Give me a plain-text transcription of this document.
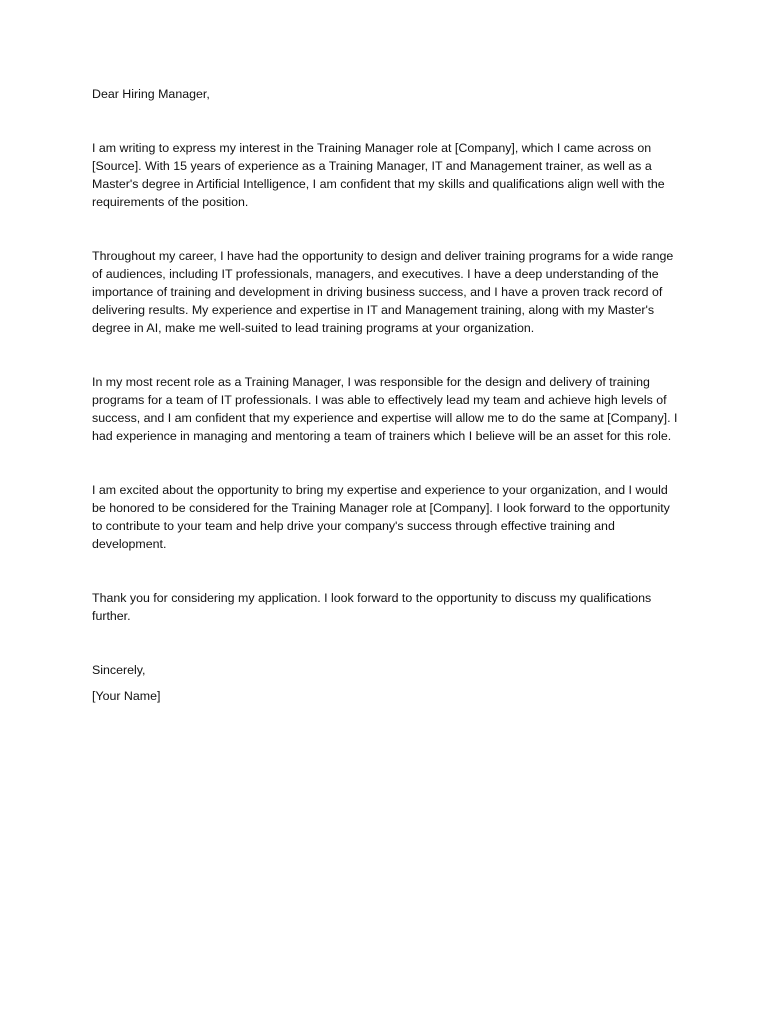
Dear Hiring Manager,

I am writing to express my interest in the Training Manager role at [Company], which I came across on [Source]. With 15 years of experience as a Training Manager, IT and Management trainer, as well as a Master's degree in Artificial Intelligence, I am confident that my skills and qualifications align well with the requirements of the position.

Throughout my career, I have had the opportunity to design and deliver training programs for a wide range of audiences, including IT professionals, managers, and executives. I have a deep understanding of the importance of training and development in driving business success, and I have a proven track record of delivering results. My experience and expertise in IT and Management training, along with my Master's degree in AI, make me well-suited to lead training programs at your organization.

In my most recent role as a Training Manager, I was responsible for the design and delivery of training programs for a team of IT professionals. I was able to effectively lead my team and achieve high levels of success, and I am confident that my experience and expertise will allow me to do the same at [Company]. I had experience in managing and mentoring a team of trainers which I believe will be an asset for this role.

I am excited about the opportunity to bring my expertise and experience to your organization, and I would be honored to be considered for the Training Manager role at [Company]. I look forward to the opportunity to contribute to your team and help drive your company's success through effective training and development.

Thank you for considering my application. I look forward to the opportunity to discuss my qualifications further.

Sincerely,

[Your Name]
